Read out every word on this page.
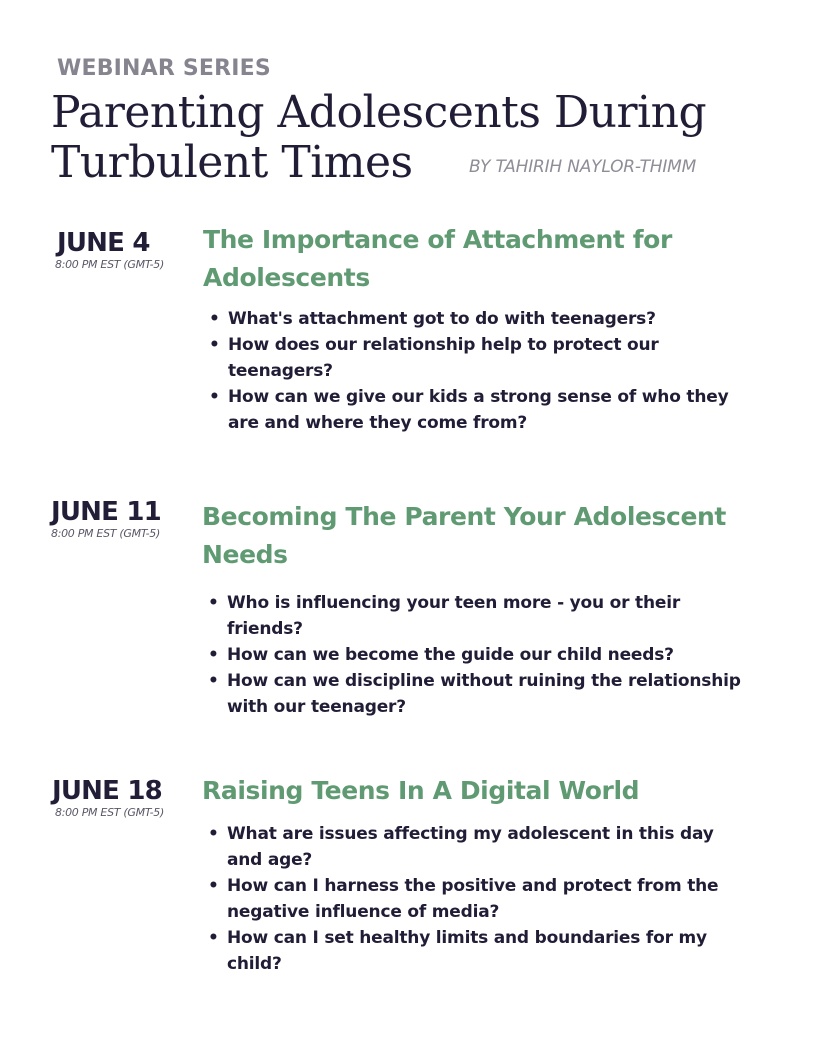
WEBINAR SERIES
Parenting Adolescents During
Turbulent Times	BY TAHIRIH NAYLOR-THIMM
JUNE 4
8:00 PM EST (GMT-5)
The Importance of Attachment for Adolescents
• What's attachment got to do with teenagers?
• How does our relationship help to protect our teenagers?
• How can we give our kids a strong sense of who they are and where they come from?
JUNE 11
8:00 PM EST (GMT-5)
Becoming The Parent Your Adolescent Needs
• Who is influencing your teen more - you or their friends?
• How can we become the guide our child needs?
• How can we discipline without ruining the relationship with our teenager?
JUNE 18
8:00 PM EST (GMT-5)
Raising Teens In A Digital World
• What are issues affecting my adolescent in this day and age?
• How can I harness the positive and protect from the negative influence of media?
• How can I set healthy limits and boundaries for my child?
